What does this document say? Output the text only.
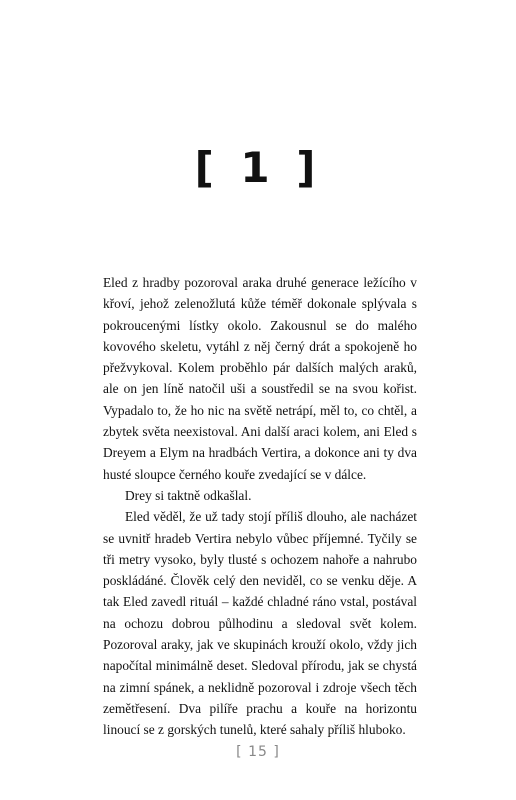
[ 1 ]

Eled z hradby pozoroval araka druhé generace ležícího v křoví, jehož zelenožlutá kůže téměř dokonale splývala s pokroucenými lístky okolo. Zakousnul se do malého kovového skeletu, vytáhl z něj černý drát a spokojeně ho přežvykoval. Kolem proběhlo pár dalších malých araků, ale on jen líně natočil uši a soustředil se na svou kořist. Vypadalo to, že ho nic na světě netrápí, měl to, co chtěl, a zbytek světa neexistoval. Ani další araci kolem, ani Eled s Dreyem a Elym na hradbách Vertira, a dokonce ani ty dva husté sloupce černého kouře zvedající se v dálce.

Drey si taktně odkašlal.

Eled věděl, že už tady stojí příliš dlouho, ale nacházet se uvnitř hradeb Vertira nebylo vůbec příjemné. Tyčily se tři metry vysoko, byly tlusté s ochozem nahoře a nahrubo poskládáné. Člověk celý den neviděl, co se venku děje. A tak Eled zavedl rituál – každé chladné ráno vstal, postával na ochozu dobrou půlhodinu a sledoval svět kolem. Pozoroval araky, jak ve skupinách krouží okolo, vždy jich napočítal minimálně deset. Sledoval přírodu, jak se chystá na zimní spánek, a neklidně pozoroval i zdroje všech těch zemětřesení. Dva pilíře prachu a kouře na horizontu linoucí se z gorských tunelů, které sahaly příliš hluboko.

[ 15 ]
